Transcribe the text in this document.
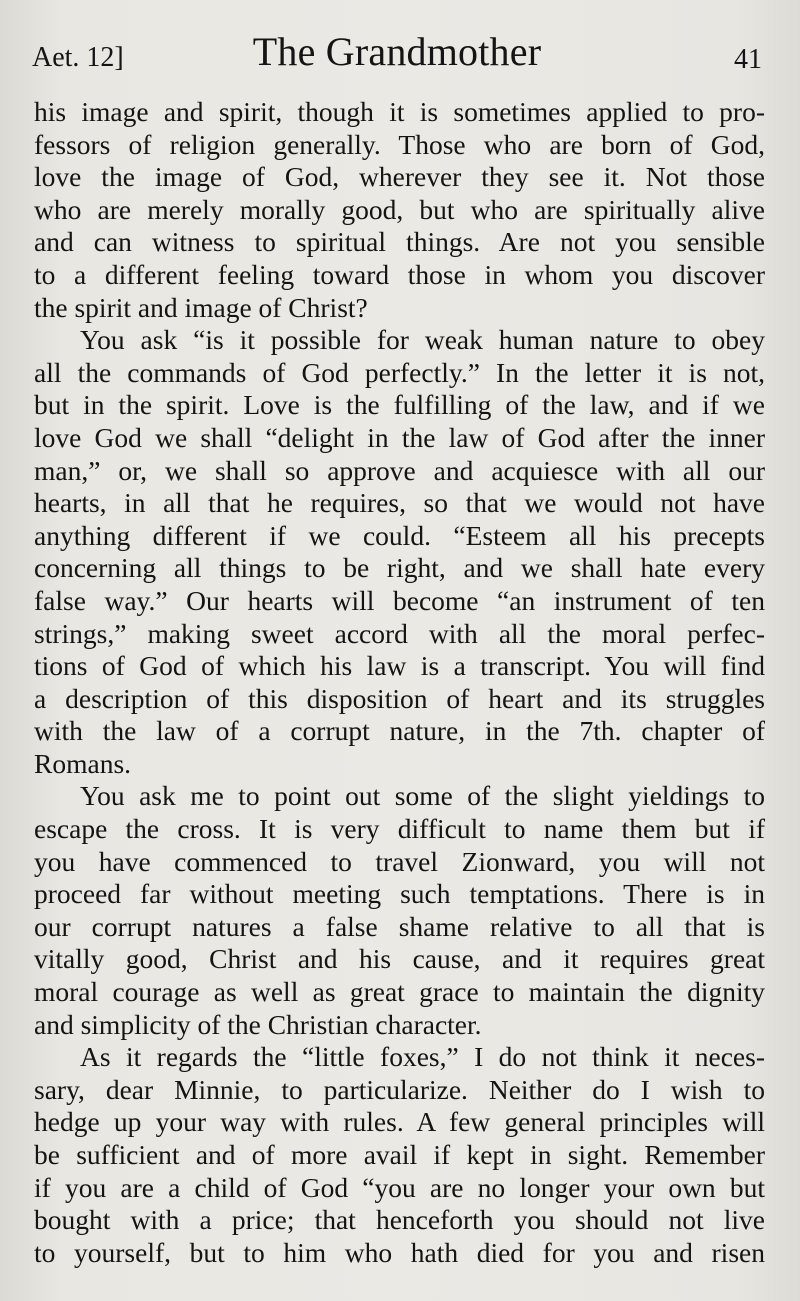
Aet. 12]	The Grandmother	41
his image and spirit, though it is sometimes applied to pro-
fessors of religion generally. Those who are born of God,
love the image of God, wherever they see it. Not those
who are merely morally good, but who are spiritually alive
and can witness to spiritual things. Are not you sensible
to a different feeling toward those in whom you discover
the spirit and image of Christ?
You ask “is it possible for weak human nature to obey
all the commands of God perfectly.” In the letter it is not,
but in the spirit. Love is the fulfilling of the law, and if we
love God we shall “delight in the law of God after the inner
man,” or, we shall so approve and acquiesce with all our
hearts, in all that he requires, so that we would not have
anything different if we could. “Esteem all his precepts
concerning all things to be right, and we shall hate every
false way.” Our hearts will become “an instrument of ten
strings,” making sweet accord with all the moral perfec-
tions of God of which his law is a transcript. You will find
a description of this disposition of heart and its struggles
with the law of a corrupt nature, in the 7th. chapter of
Romans.
You ask me to point out some of the slight yieldings to
escape the cross. It is very difficult to name them but if
you have commenced to travel Zionward, you will not
proceed far without meeting such temptations. There is in
our corrupt natures a false shame relative to all that is
vitally good, Christ and his cause, and it requires great
moral courage as well as great grace to maintain the dignity
and simplicity of the Christian character.
As it regards the “little foxes,” I do not think it neces-
sary, dear Minnie, to particularize. Neither do I wish to
hedge up your way with rules. A few general principles will
be sufficient and of more avail if kept in sight. Remember
if you are a child of God “you are no longer your own but
bought with a price; that henceforth you should not live
to yourself, but to him who hath died for you and risen
